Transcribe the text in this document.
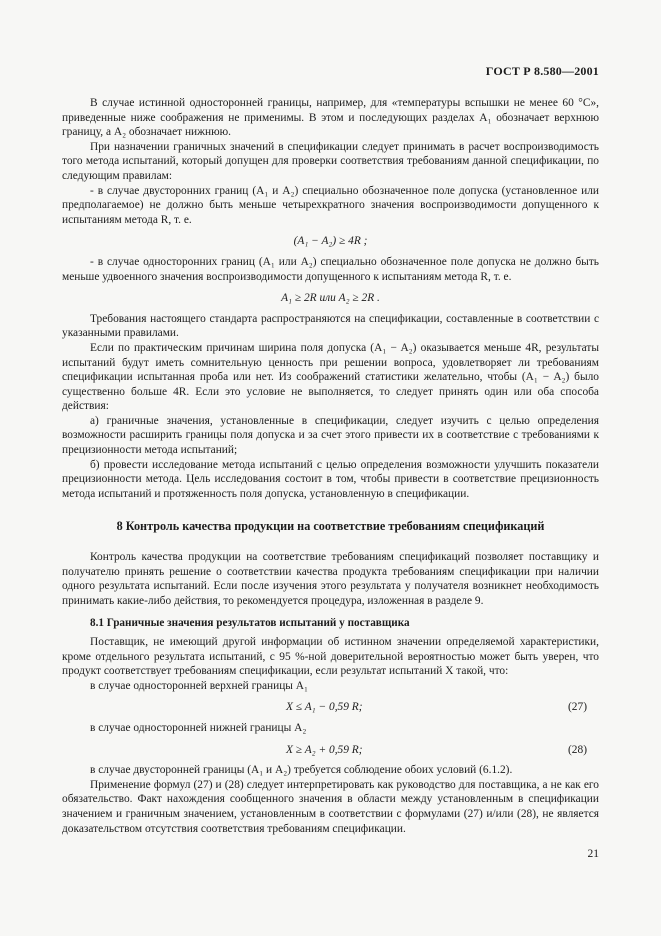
ГОСТ Р 8.580—2001

В случае истинной односторонней границы, например, для «температуры вспышки не менее 60 °С», приведенные ниже соображения не применимы. В этом и последующих разделах A₁ обозначает верхнюю границу, а A₂ обозначает нижнюю.

При назначении граничных значений в спецификации следует принимать в расчет воспроизводимость того метода испытаний, который допущен для проверки соответствия требованиям данной спецификации, по следующим правилам:

- в случае двусторонних границ (A₁ и A₂) специально обозначенное поле допуска (установленное или предполагаемое) не должно быть меньше четырехкратного значения воспроизводимости допущенного к испытаниям метода R, т. е.

(A₁ − A₂) ≥ 4R ;

- в случае односторонних границ (A₁ или A₂) специально обозначенное поле допуска не должно быть меньше удвоенного значения воспроизводимости допущенного к испытаниям метода R, т. е.

A₁ ≥ 2R или A₂ ≥ 2R .

Требования настоящего стандарта распространяются на спецификации, составленные в соответствии с указанными правилами.

Если по практическим причинам ширина поля допуска (A₁ − A₂) оказывается меньше 4R, результаты испытаний будут иметь сомнительную ценность при решении вопроса, удовлетворяет ли требованиям спецификации испытанная проба или нет. Из соображений статистики желательно, чтобы (A₁ − A₂) было существенно больше 4R. Если это условие не выполняется, то следует принять один или оба способа действия:

а) граничные значения, установленные в спецификации, следует изучить с целью определения возможности расширить границы поля допуска и за счет этого привести их в соответствие с требованиями к прецизионности метода испытаний;

б) провести исследование метода испытаний с целью определения возможности улучшить показатели прецизионности метода. Цель исследования состоит в том, чтобы привести в соответствие прецизионность метода испытаний и протяженность поля допуска, установленную в спецификации.

8 Контроль качества продукции на соответствие требованиям спецификаций

Контроль качества продукции на соответствие требованиям спецификаций позволяет поставщику и получателю принять решение о соответствии качества продукта требованиям спецификации при наличии одного результата испытаний. Если после изучения этого результата у получателя возникнет необходимость принимать какие-либо действия, то рекомендуется процедура, изложенная в разделе 9.

8.1 Граничные значения результатов испытаний у поставщика

Поставщик, не имеющий другой информации об истинном значении определяемой характеристики, кроме отдельного результата испытаний, с 95 %-ной доверительной вероятностью может быть уверен, что продукт соответствует требованиям спецификации, если результат испытаний X такой, что:

в случае односторонней верхней границы A₁

X ≤ A₁ − 0,59 R;	(27)

в случае односторонней нижней границы A₂

X ≥ A₂ + 0,59 R;	(28)

в случае двусторонней границы (A₁ и A₂) требуется соблюдение обоих условий (6.1.2).

Применение формул (27) и (28) следует интерпретировать как руководство для поставщика, а не как его обязательство. Факт нахождения сообщенного значения в области между установленным в спецификации значением и граничным значением, установленным в соответствии с формулами (27) и/или (28), не является доказательством отсутствия соответствия требованиям спецификации.

21
